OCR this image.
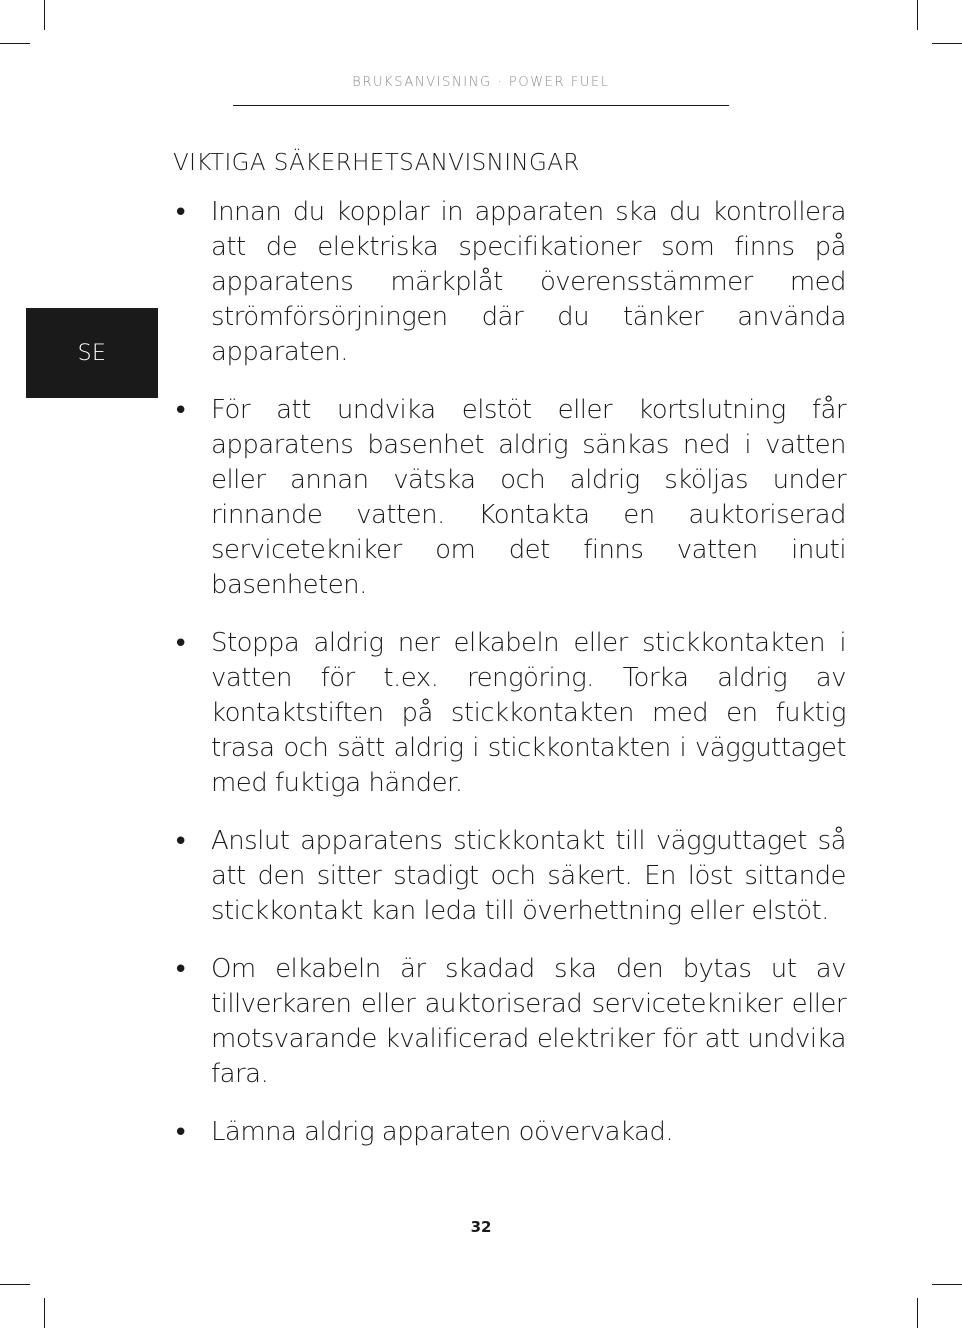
BRUKSANVISNING · POWER FUEL
SE
VIKTIGA SÄKERHETSANVISNINGAR
• Innan du kopplar in apparaten ska du kontrollera att de elektriska specifikationer som finns på apparatens märkplåt överensstämmer med strömförsörjningen där du tänker använda apparaten.
• För att undvika elstöt eller kortslutning får apparatens basenhet aldrig sänkas ned i vatten eller annan vätska och aldrig sköljas under rinnande vatten. Kontakta en auktoriserad servicetekniker om det finns vatten inuti basenheten.
• Stoppa aldrig ner elkabeln eller stickkontakten i vatten för t.ex. rengöring. Torka aldrig av kontaktstiften på stickkontakten med en fuktig trasa och sätt aldrig i stickkontakten i vägguttaget med fuktiga händer.
• Anslut apparatens stickkontakt till vägguttaget så att den sitter stadigt och säkert. En löst sittande stickkontakt kan leda till överhettning eller elstöt.
• Om elkabeln är skadad ska den bytas ut av tillverkaren eller auktoriserad servicetekniker eller motsvarande kvalificerad elektriker för att undvika fara.
• Lämna aldrig apparaten oövervakad.
32
